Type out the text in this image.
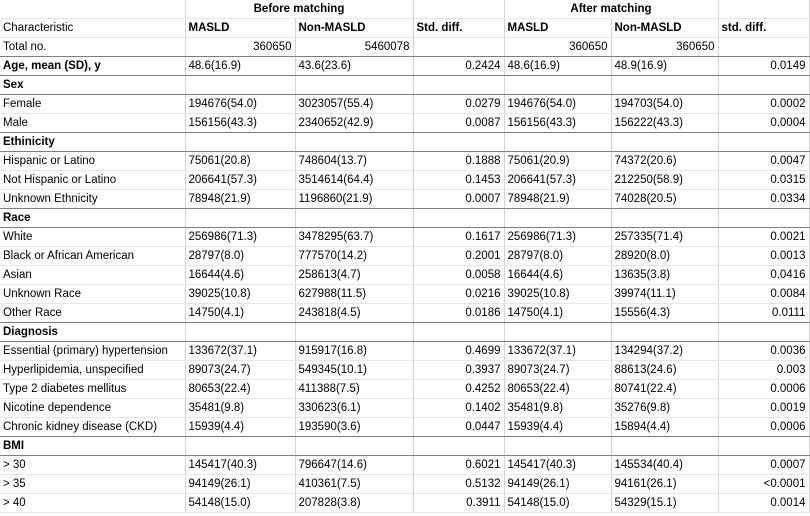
	Before matching			After matching		
Characteristic	MASLD	Non-MASLD	Std. diff.	MASLD	Non-MASLD	std. diff.
Total no.	360650	5460078		360650	360650	
Age, mean (SD), y	48.6(16.9)	43.6(23.6)	0.2424	48.6(16.9)	48.9(16.9)	0.0149
Sex						
Female	194676(54.0)	3023057(55.4)	0.0279	194676(54.0)	194703(54.0)	0.0002
Male	156156(43.3)	2340652(42.9)	0.0087	156156(43.3)	156222(43.3)	0.0004
Ethinicity						
Hispanic or Latino	75061(20.8)	748604(13.7)	0.1888	75061(20.9)	74372(20.6)	0.0047
Not Hispanic or Latino	206641(57.3)	3514614(64.4)	0.1453	206641(57.3)	212250(58.9)	0.0315
Unknown Ethnicity	78948(21.9)	1196860(21.9)	0.0007	78948(21.9)	74028(20.5)	0.0334
Race						
White	256986(71.3)	3478295(63.7)	0.1617	256986(71.3)	257335(71.4)	0.0021
Black or African American	28797(8.0)	777570(14.2)	0.2001	28797(8.0)	28920(8.0)	0.0013
Asian	16644(4.6)	258613(4.7)	0.0058	16644(4.6)	13635(3.8)	0.0416
Unknown Race	39025(10.8)	627988(11.5)	0.0216	39025(10.8)	39974(11.1)	0.0084
Other Race	14750(4.1)	243818(4.5)	0.0186	14750(4.1)	15556(4.3)	0.0111
Diagnosis						
Essential (primary) hypertension	133672(37.1)	915917(16.8)	0.4699	133672(37.1)	134294(37.2)	0.0036
Hyperlipidemia, unspecified	89073(24.7)	549345(10.1)	0.3937	89073(24.7)	88613(24.6)	0.003
Type 2 diabetes mellitus	80653(22.4)	411388(7.5)	0.4252	80653(22.4)	80741(22.4)	0.0006
Nicotine dependence	35481(9.8)	330623(6.1)	0.1402	35481(9.8)	35276(9.8)	0.0019
Chronic kidney disease (CKD)	15939(4.4)	193590(3.6)	0.0447	15939(4.4)	15894(4.4)	0.0006
BMI						
> 30	145417(40.3)	796647(14.6)	0.6021	145417(40.3)	145534(40.4)	0.0007
> 35	94149(26.1)	410361(7.5)	0.5132	94149(26.1)	94161(26.1)	<0.0001
> 40	54148(15.0)	207828(3.8)	0.3911	54148(15.0)	54329(15.1)	0.0014
